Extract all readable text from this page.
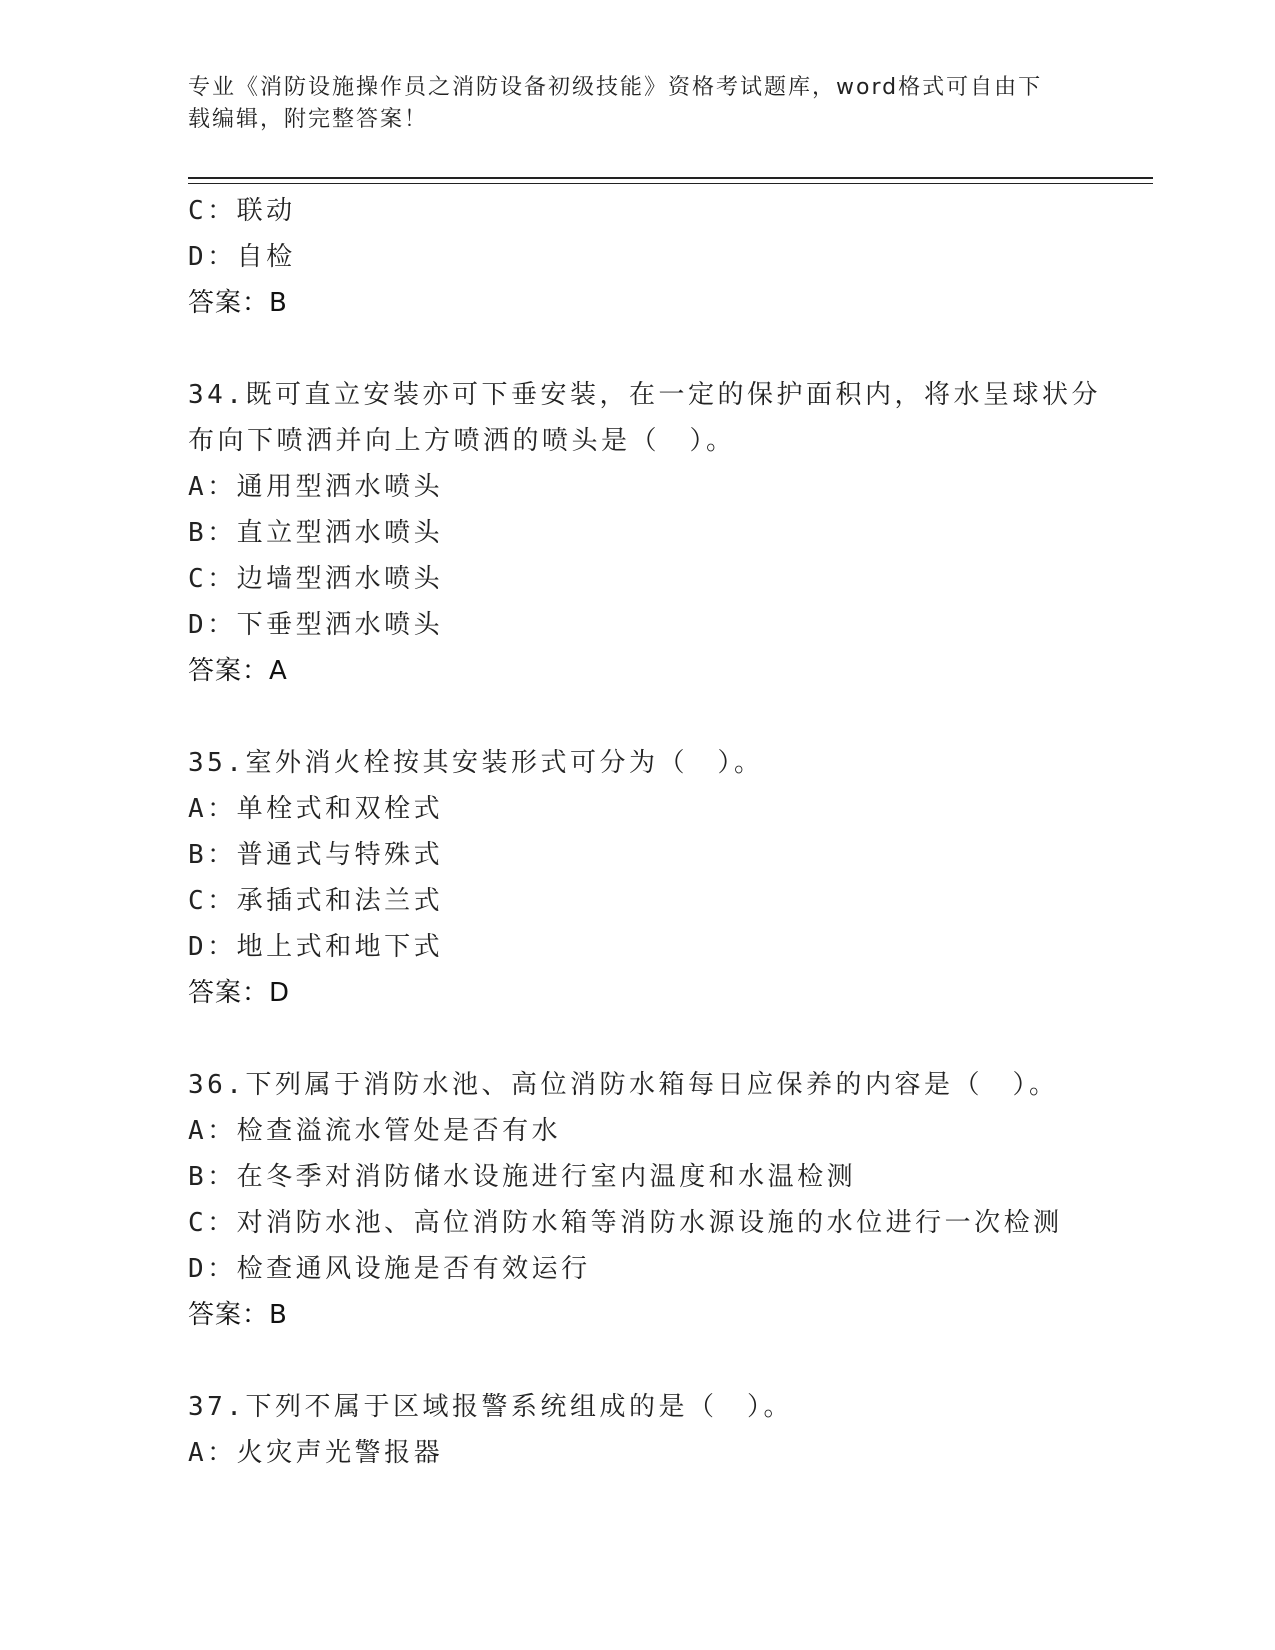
专业《消防设施操作员之消防设备初级技能》资格考试题库，word格式可自由下
载编辑，附完整答案！
C：联动
D：自检
答案：B
34.既可直立安装亦可下垂安装，在一定的保护面积内，将水呈球状分
布向下喷洒并向上方喷洒的喷头是（　）。
A：通用型洒水喷头
B：直立型洒水喷头
C：边墙型洒水喷头
D：下垂型洒水喷头
答案：A
35.室外消火栓按其安装形式可分为（　）。
A：单栓式和双栓式
B：普通式与特殊式
C：承插式和法兰式
D：地上式和地下式
答案：D
36.下列属于消防水池、高位消防水箱每日应保养的内容是（　）。
A：检查溢流水管处是否有水
B：在冬季对消防储水设施进行室内温度和水温检测
C：对消防水池、高位消防水箱等消防水源设施的水位进行一次检测
D：检查通风设施是否有效运行
答案：B
37.下列不属于区域报警系统组成的是（　）。
A：火灾声光警报器
